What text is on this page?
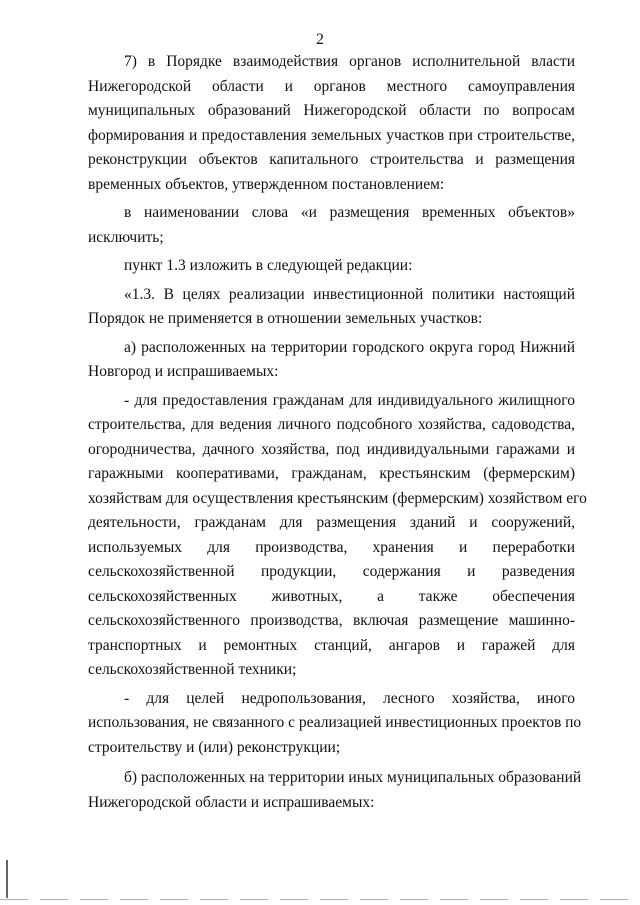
2
7) в Порядке взаимодействия органов исполнительной власти
Нижегородской области и органов местного самоуправления
муниципальных образований Нижегородской области по вопросам
формирования и предоставления земельных участков при строительстве,
реконструкции объектов капитального строительства и размещения
временных объектов, утвержденном постановлением:
в наименовании слова «и размещения временных объектов»
исключить;
пункт 1.3 изложить в следующей редакции:
«1.3. В целях реализации инвестиционной политики настоящий
Порядок не применяется в отношении земельных участков:
а) расположенных на территории городского округа город Нижний
Новгород и испрашиваемых:
- для предоставления гражданам для индивидуального жилищного
строительства, для ведения личного подсобного хозяйства, садоводства,
огородничества, дачного хозяйства, под индивидуальными гаражами и
гаражными кооперативами, гражданам, крестьянским (фермерским)
хозяйствам для осуществления крестьянским (фермерским) хозяйством его
деятельности, гражданам для размещения зданий и сооружений,
используемых для производства, хранения и переработки
сельскохозяйственной продукции, содержания и разведения
сельскохозяйственных животных, а также обеспечения
сельскохозяйственного производства, включая размещение машинно-
транспортных и ремонтных станций, ангаров и гаражей для
сельскохозяйственной техники;
- для целей недропользования, лесного хозяйства, иного
использования, не связанного с реализацией инвестиционных проектов по
строительству и (или) реконструкции;
б) расположенных на территории иных муниципальных образований
Нижегородской области и испрашиваемых:
